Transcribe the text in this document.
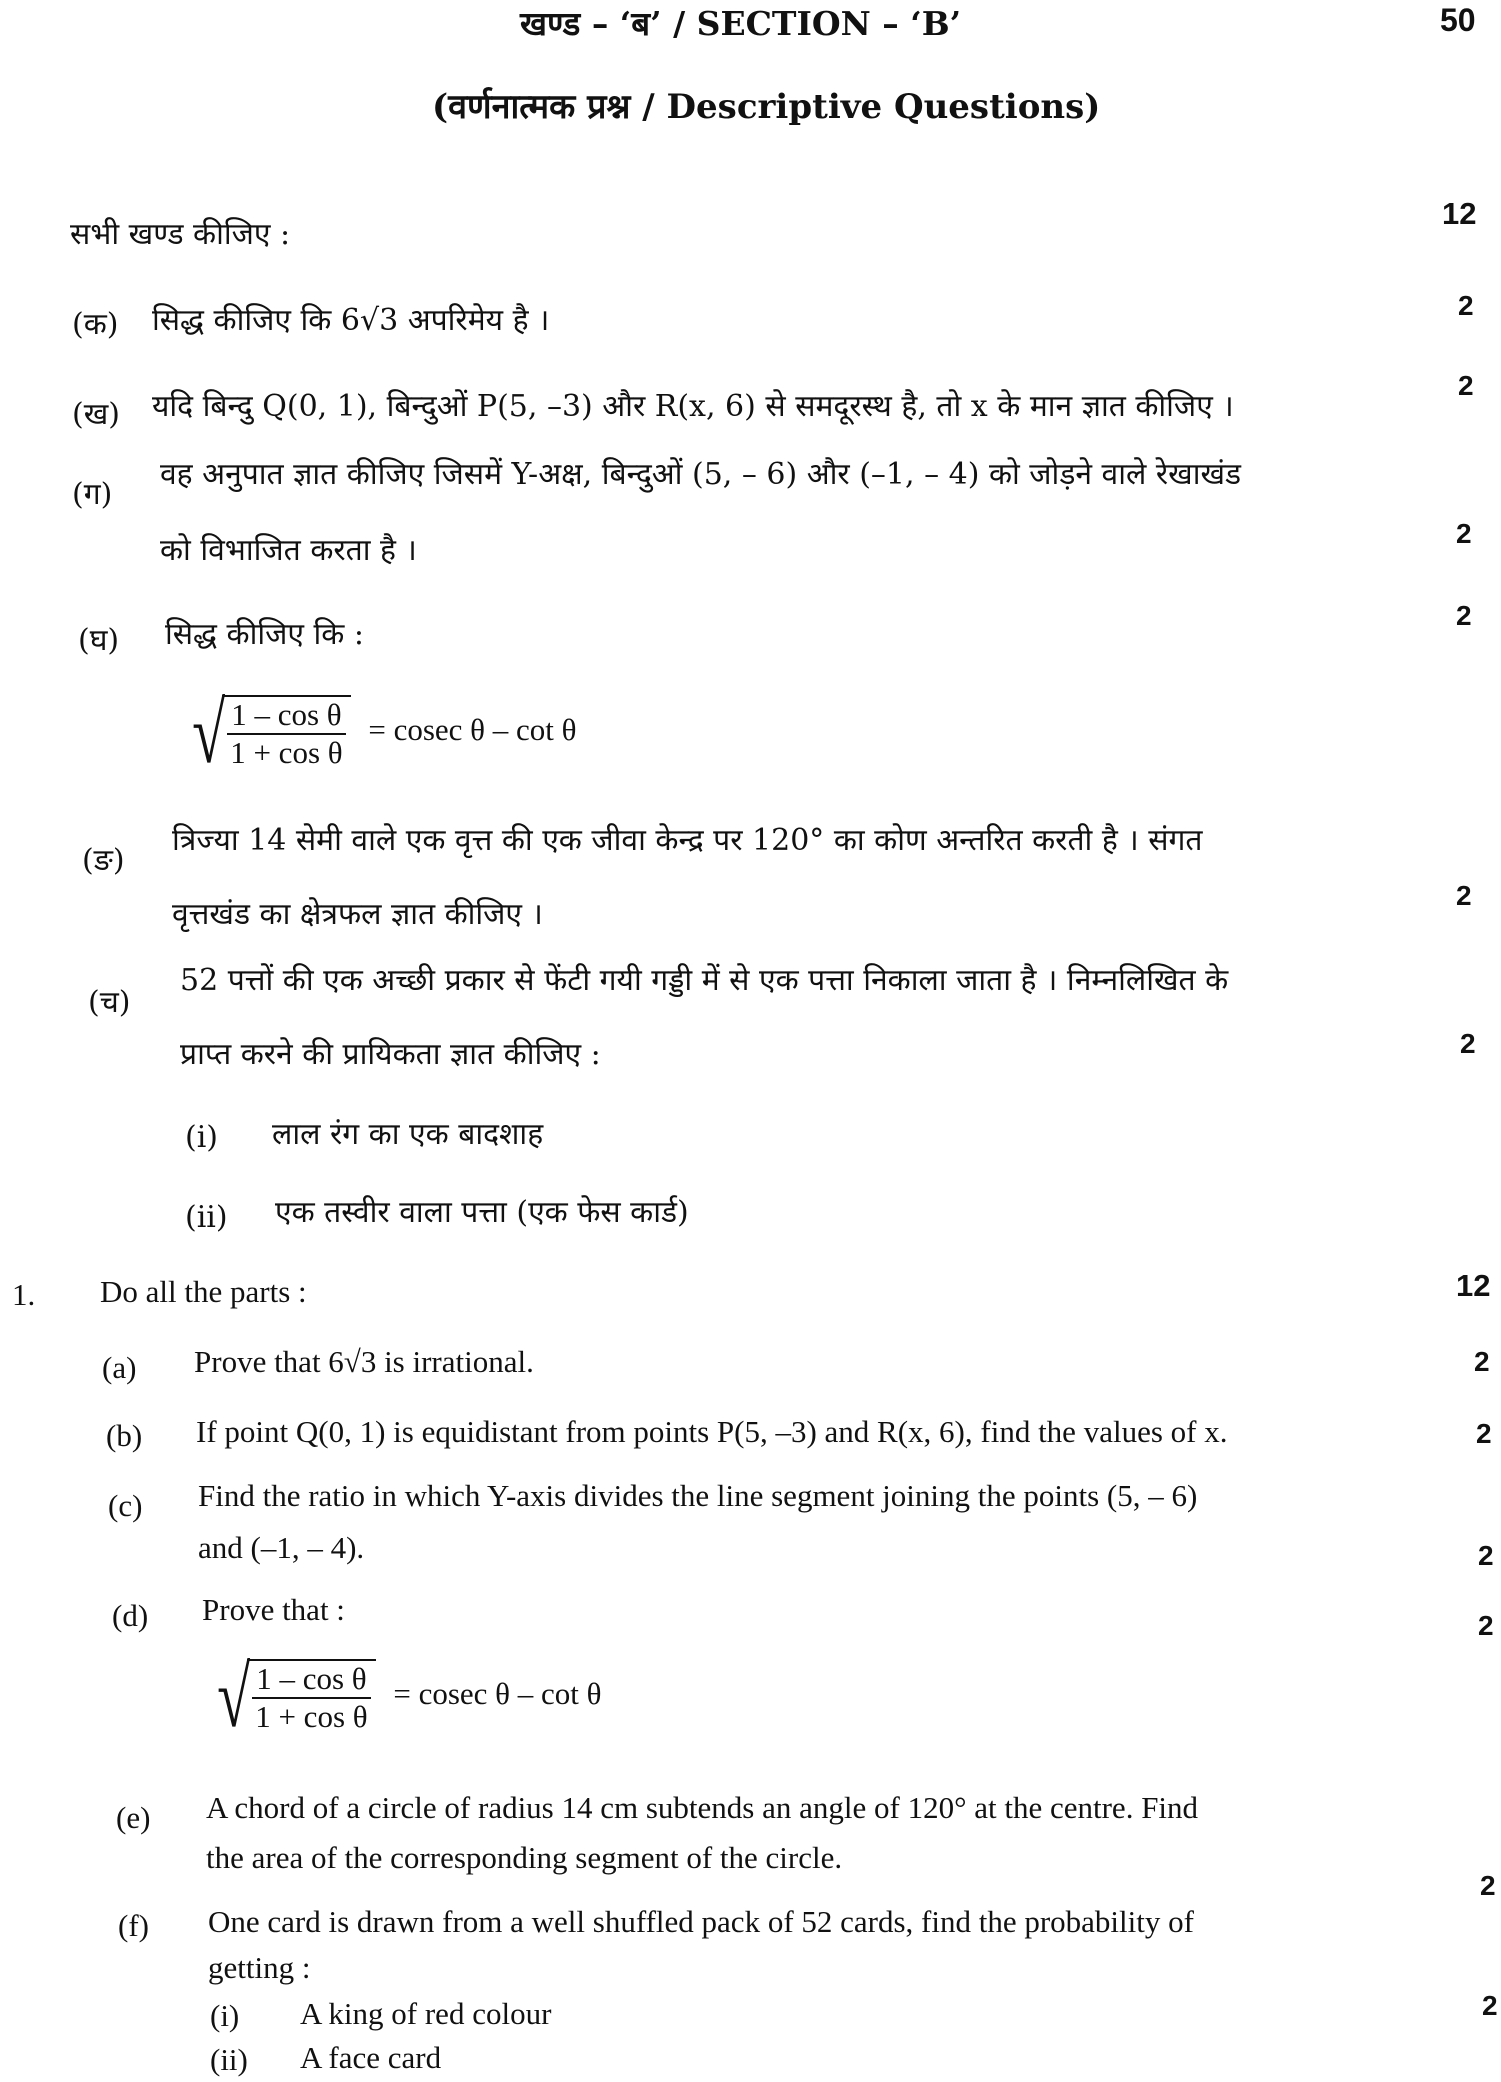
खण्ड – ‘ब’ / SECTION – ‘B’	50
(वर्णनात्मक प्रश्न / Descriptive Questions)
सभी खण्ड कीजिए :
12
(क) सिद्ध कीजिए कि 6√3 अपरिमेय है ।	2
(ख) यदि बिन्दु Q(0, 1), बिन्दुओं P(5, –3) और R(x, 6) से समदूरस्थ है, तो x के मान ज्ञात कीजिए ।
2
(ग)
वह अनुपात ज्ञात कीजिए जिसमें Y-अक्ष, बिन्दुओं (5, – 6) और (–1, – 4) को जोड़ने वाले रेखाखंड
को विभाजित करता है ।	2
(घ) सिद्ध कीजिए कि :
2
√
$\frac{\text{1 – cos θ}}{\text{1 + cos θ}} = cosec$ θ – cot θ
(ङ)
त्रिज्या 14 सेमी वाले एक वृत्त की एक जीवा केन्द्र पर 120° का कोण अन्तरित करती है । संगत
वृत्तखंड का क्षेत्रफल ज्ञात कीजिए ।
2
(च)
52 पत्तों की एक अच्छी प्रकार से फेंटी गयी गड्डी में से एक पत्ता निकाला जाता है । निम्नलिखित के
प्राप्त करने की प्रायिकता ज्ञात कीजिए :	2
(i) लाल रंग का एक बादशाह
(ii) एक तस्वीर वाला पत्ता (एक फेस कार्ड)
1. Do all the parts :	12
(a) Prove that 6√3 is irrational.	2
(b) If point Q(0, 1) is equidistant from points P(5, –3) and R(x, 6), find the values of x.	2
(c) Find the ratio in which Y-axis divides the line segment joining the points (5, – 6)
and (–1, – 4).	2
(d) Prove that :	2
√
$\frac{\text{1 – cos θ}}{\text{1 + cos θ}} = cosec$ θ – cot θ
(e) A chord of a circle of radius 14 cm subtends an angle of 120° at the centre. Find
the area of the corresponding segment of the circle.
2
(f) One card is drawn from a well shuffled pack of 52 cards, find the probability of
getting :
2
(i) A king of red colour
(ii) A face card
